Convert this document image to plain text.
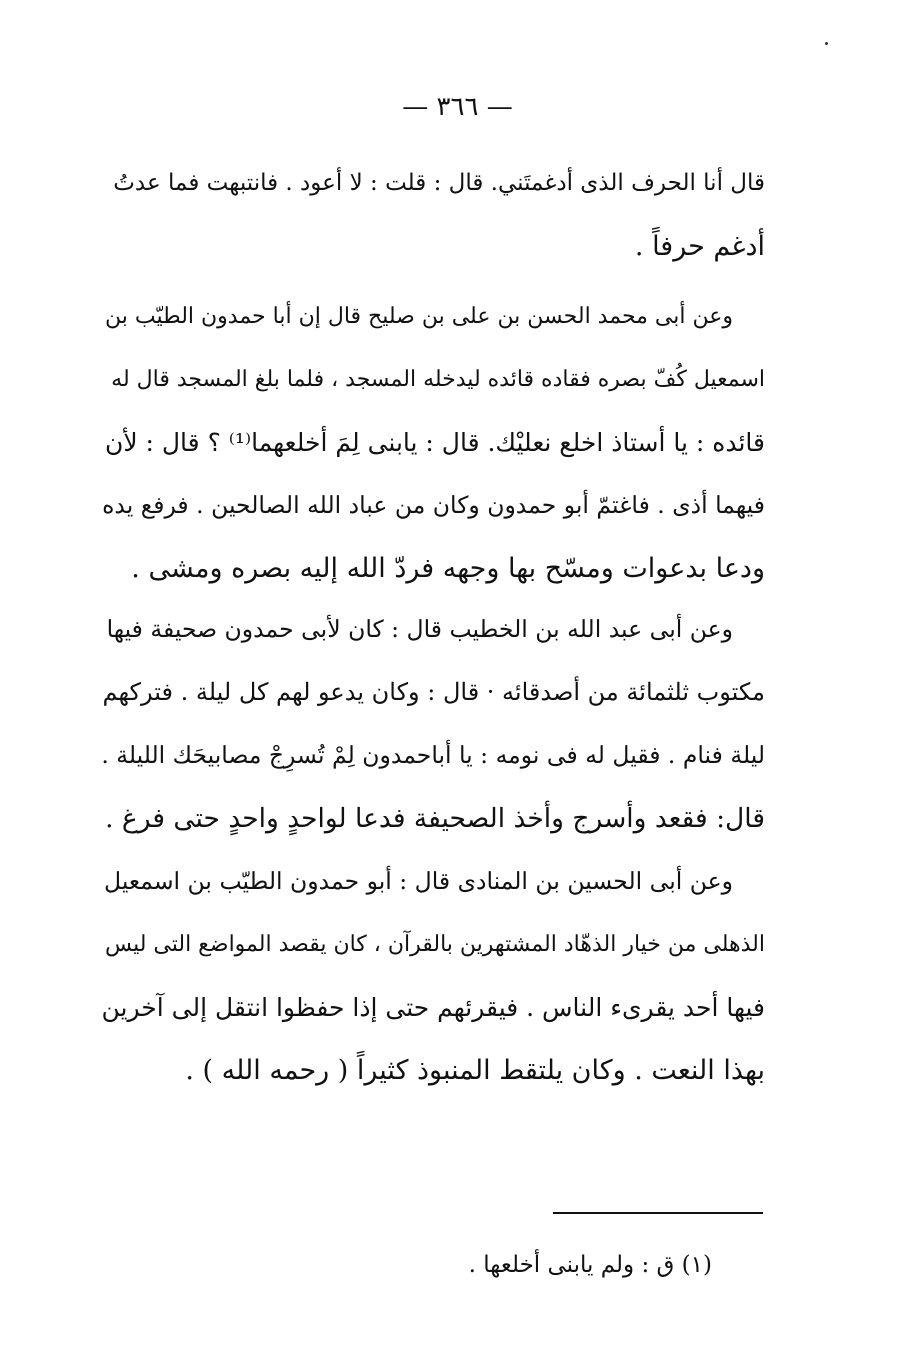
— ٣٦٦ —
قال أنا الحرف الذى أدغمتَني. قال : قلت : لا أعود . فانتبهت فما عدتُ
أدغم حرفاً .
وعن أبى محمد الحسن بن على بن صليح قال إن أبا حمدون الطيّب بن
اسمعيل كُفّ بصره فقاده قائده ليدخله المسجد ، فلما بلغ المسجد قال له
قائده : يا أستاذ اخلع نعليْك. قال : يابنى لِمَ أخلعهما⁽¹⁾ ؟ قال : لأن
فيهما أذى . فاغتمّ أبو حمدون وكان من عباد الله الصالحين . فرفع يده
ودعا بدعوات ومسّح بها وجهه فردّ الله إليه بصره ومشى .
وعن أبى عبد الله بن الخطيب قال : كان لأبى حمدون صحيفة فيها
مكتوب ثلثمائة من أصدقائه · قال : وكان يدعو لهم كل ليلة . فتركهم
ليلة فنام . فقيل له فى نومه : يا أباحمدون لِمْ تُسرِجْ مصابيحَك الليلة .
قال: فقعد وأسرج وأخذ الصحيفة فدعا لواحدٍ واحدٍ حتى فرغ .
وعن أبى الحسين بن المنادى قال : أبو حمدون الطيّب بن اسمعيل
الذهلى من خيار الذهّاد المشتهرين بالقرآن ، كان يقصد المواضع التى ليس
فيها أحد يقرىء الناس . فيقرئهم حتى إذا حفظوا انتقل إلى آخرين
بهذا النعت . وكان يلتقط المنبوذ كثيراً ( رحمه الله ) .
(١) ق : ولم يابنى أخلعها .
